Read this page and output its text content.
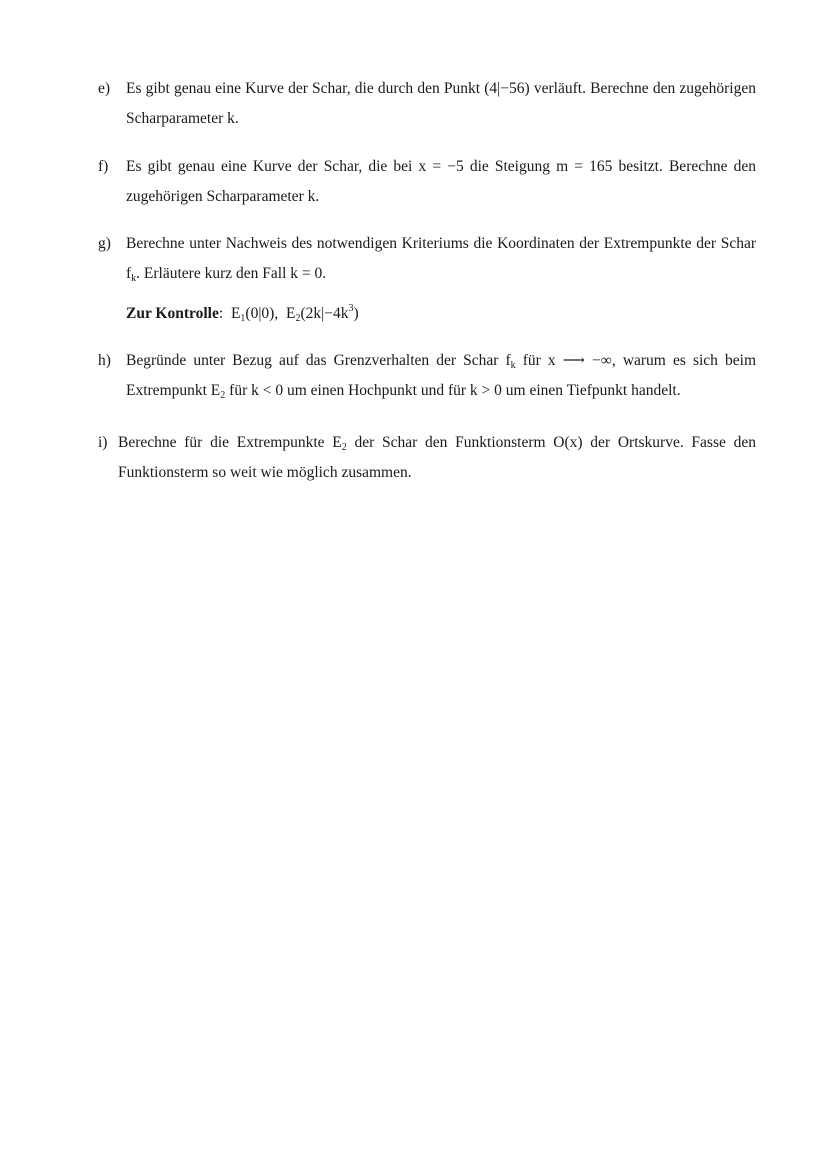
e) Es gibt genau eine Kurve der Schar, die durch den Punkt (4|−56) verläuft. Berechne den zugehörigen Scharparameter k.
f) Es gibt genau eine Kurve der Schar, die bei x = −5 die Steigung m = 165 besitzt. Berechne den zugehörigen Scharparameter k.
g) Berechne unter Nachweis des notwendigen Kriteriums die Koordinaten der Extrempunkte der Schar $f_k$. Erläutere kurz den Fall k = 0.
Zur Kontrolle: $E_1(0|0)$, $E_2(2k|-4k^3)$
h) Begründe unter Bezug auf das Grenzverhalten der Schar $f_k$ für x ⟶ −∞, warum es sich beim Extrempunkt $E_2$ für k < 0 um einen Hochpunkt und für k > 0 um einen Tiefpunkt handelt.
i) Berechne für die Extrempunkte $E_2$ der Schar den Funktionsterm O(x) der Ortskurve. Fasse den Funktionsterm so weit wie möglich zusammen.
